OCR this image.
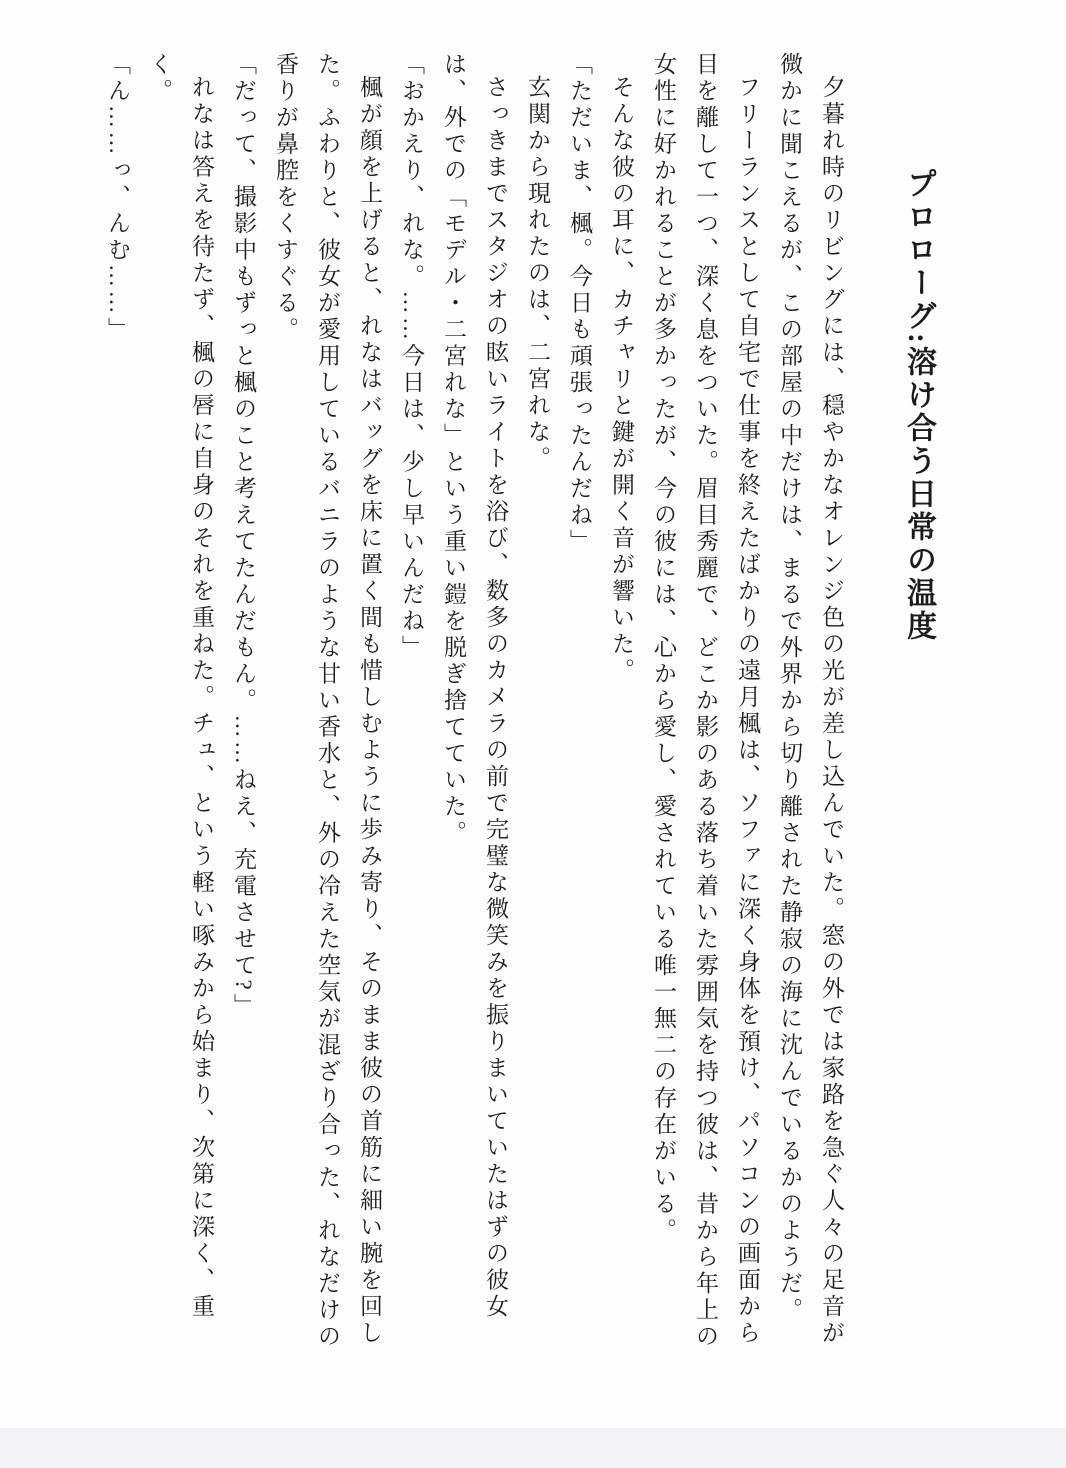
プロローグ:溶け合う日常の温度

夕暮れ時のリビングには、穏やかなオレンジ色の光が差し込んでいた。窓の外では家路を急ぐ人々の足音が微かに聞こえるが、この部屋の中だけは、まるで外界から切り離された静寂の海に沈んでいるかのようだ。

フリーランスとして自宅で仕事を終えたばかりの遠月楓は、ソファに深く身体を預け、パソコンの画面から目を離して一つ、深く息をついた。眉目秀麗で、どこか影のある落ち着いた雰囲気を持つ彼は、昔から年上の女性に好かれることが多かったが、今の彼には、心から愛し、愛されている唯一無二の存在がいる。

そんな彼の耳に、カチャリと鍵が開く音が響いた。

「ただいま、楓。今日も頑張ったんだね」

玄関から現れたのは、二宮れな。

さっきまでスタジオの眩いライトを浴び、数多のカメラの前で完璧な微笑みを振りまいていたはずの彼女は、外での「モデル・二宮れな」という重い鎧を脱ぎ捨てていた。

「おかえり、れな。……今日は、少し早いんだね」

楓が顔を上げると、れなはバッグを床に置く間も惜しむように歩み寄り、そのまま彼の首筋に細い腕を回した。ふわりと、彼女が愛用しているバニラのような甘い香水と、外の冷えた空気が混ざり合った、れなだけの香りが鼻腔をくすぐる。

「だって、撮影中もずっと楓のこと考えてたんだもん。……ねえ、充電させて?」

れなは答えを待たず、楓の唇に自身のそれを重ねた。チュ、という軽い啄みから始まり、次第に深く、重く。

「ん……っ、んむ……」
